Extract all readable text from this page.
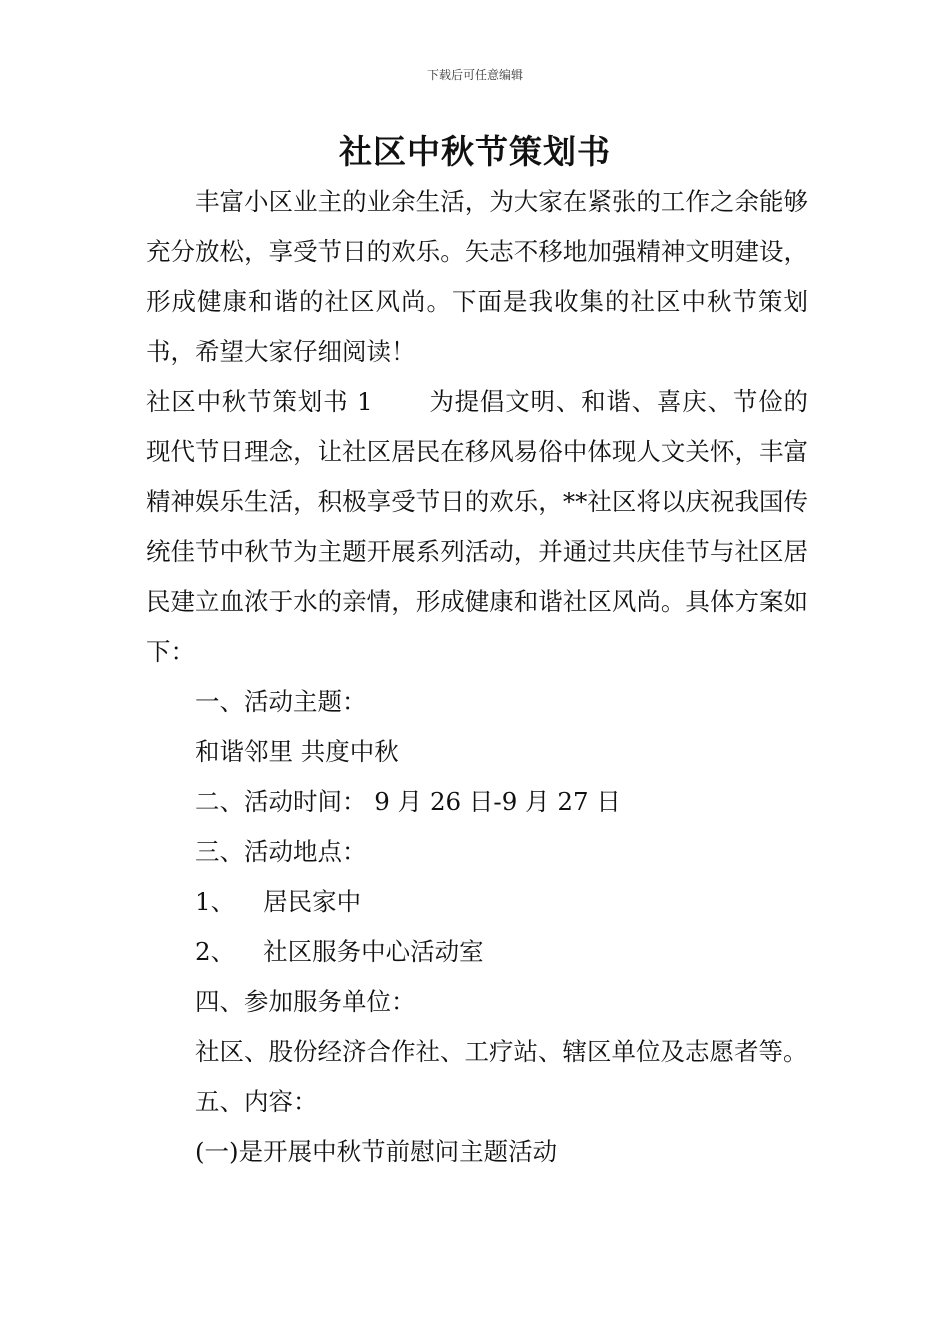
下载后可任意编辑
社区中秋节策划书

丰富小区业主的业余生活，为大家在紧张的工作之余能够充分放松，享受节日的欢乐。矢志不移地加强精神文明建设，形成健康和谐的社区风尚。下面是我收集的社区中秋节策划书，希望大家仔细阅读！

社区中秋节策划书 1 为提倡文明、和谐、喜庆、节俭的现代节日理念，让社区居民在移风易俗中体现人文关怀，丰富精神娱乐生活，积极享受节日的欢乐，**社区将以庆祝我国传统佳节中秋节为主题开展系列活动，并通过共庆佳节与社区居民建立血浓于水的亲情，形成健康和谐社区风尚。具体方案如下：

一、活动主题：

和谐邻里 共度中秋

二、活动时间： 9 月 26 日-9 月 27 日

三、活动地点：

1、 居民家中

2、 社区服务中心活动室

四、参加服务单位：

社区、股份经济合作社、工疗站、辖区单位及志愿者等。

五、内容：

(一)是开展中秋节前慰问主题活动
